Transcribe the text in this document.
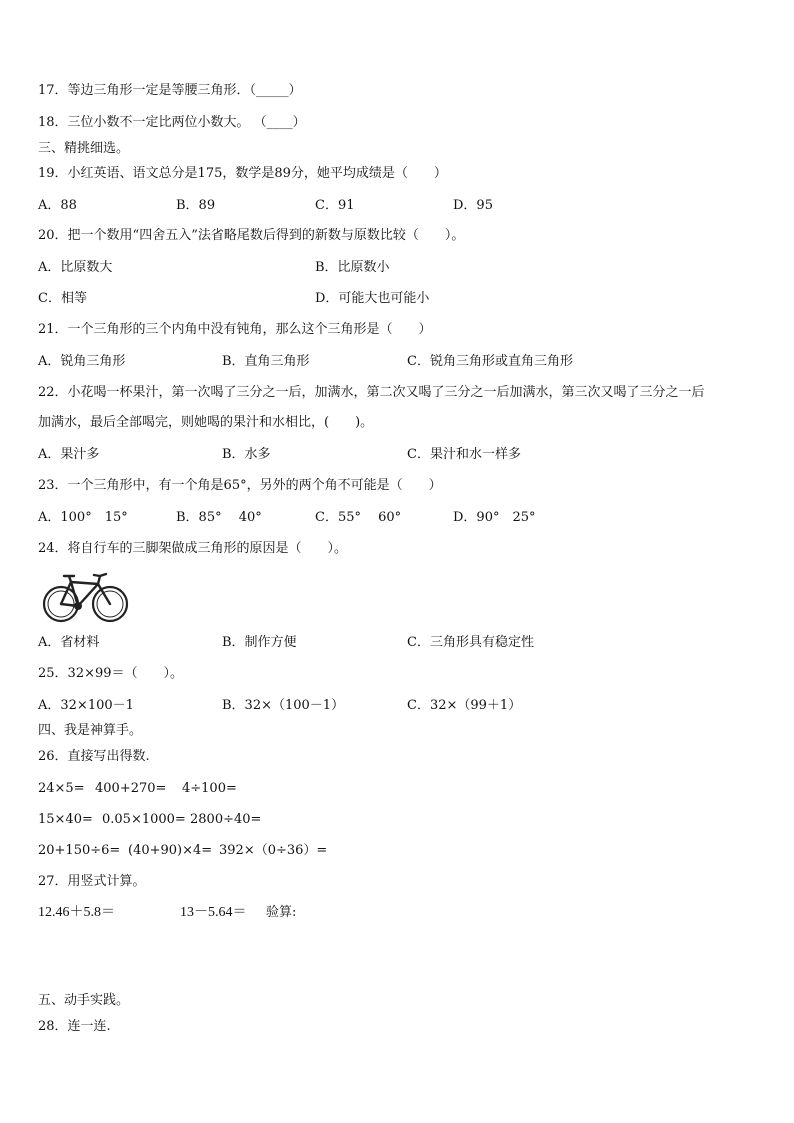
17．等边三角形一定是等腰三角形．（_____）
18．三位小数不一定比两位小数大。 （____）
三、精挑细选。
19．小红英语、语文总分是175，数学是89分，她平均成绩是（　　）
A．88	B．89	C．91	D．95
20．把一个数用“四舍五入”法省略尾数后得到的新数与原数比较（　　）。
A．比原数大	B．比原数小
C．相等	D．可能大也可能小
21．一个三角形的三个内角中没有钝角，那么这个三角形是（　　）
A．锐角三角形	B．直角三角形	C．锐角三角形或直角三角形
22．小花喝一杯果汁，第一次喝了三分之一后，加满水，第二次又喝了三分之一后加满水，第三次又喝了三分之一后
加满水，最后全部喝完，则她喝的果汁和水相比，(　　)。
A．果汁多	B．水多	C．果汁和水一样多
23．一个三角形中，有一个角是65°，另外的两个角不可能是（　　）
A．100°　15°	B．85°　 40°	C．55°　 60°	D．90°　25°
24．将自行车的三脚架做成三角形的原因是（　　）。
A．省材料	B．制作方便	C．三角形具有稳定性
25．32×99＝（　　）。
A．32×100－1	B．32×（100－1）	C．32×（99＋1）
四、我是神算手。
26．直接写出得数.
24×5= 400+270= 4÷100=
15×40= 0.05×1000= 2800÷40=
20+150÷6= (40+90)×4= 392×（0÷36）=
27．用竖式计算。
12.46＋5.8＝	13－5.64＝ 验算:
五、动手实践。
28．连一连.
